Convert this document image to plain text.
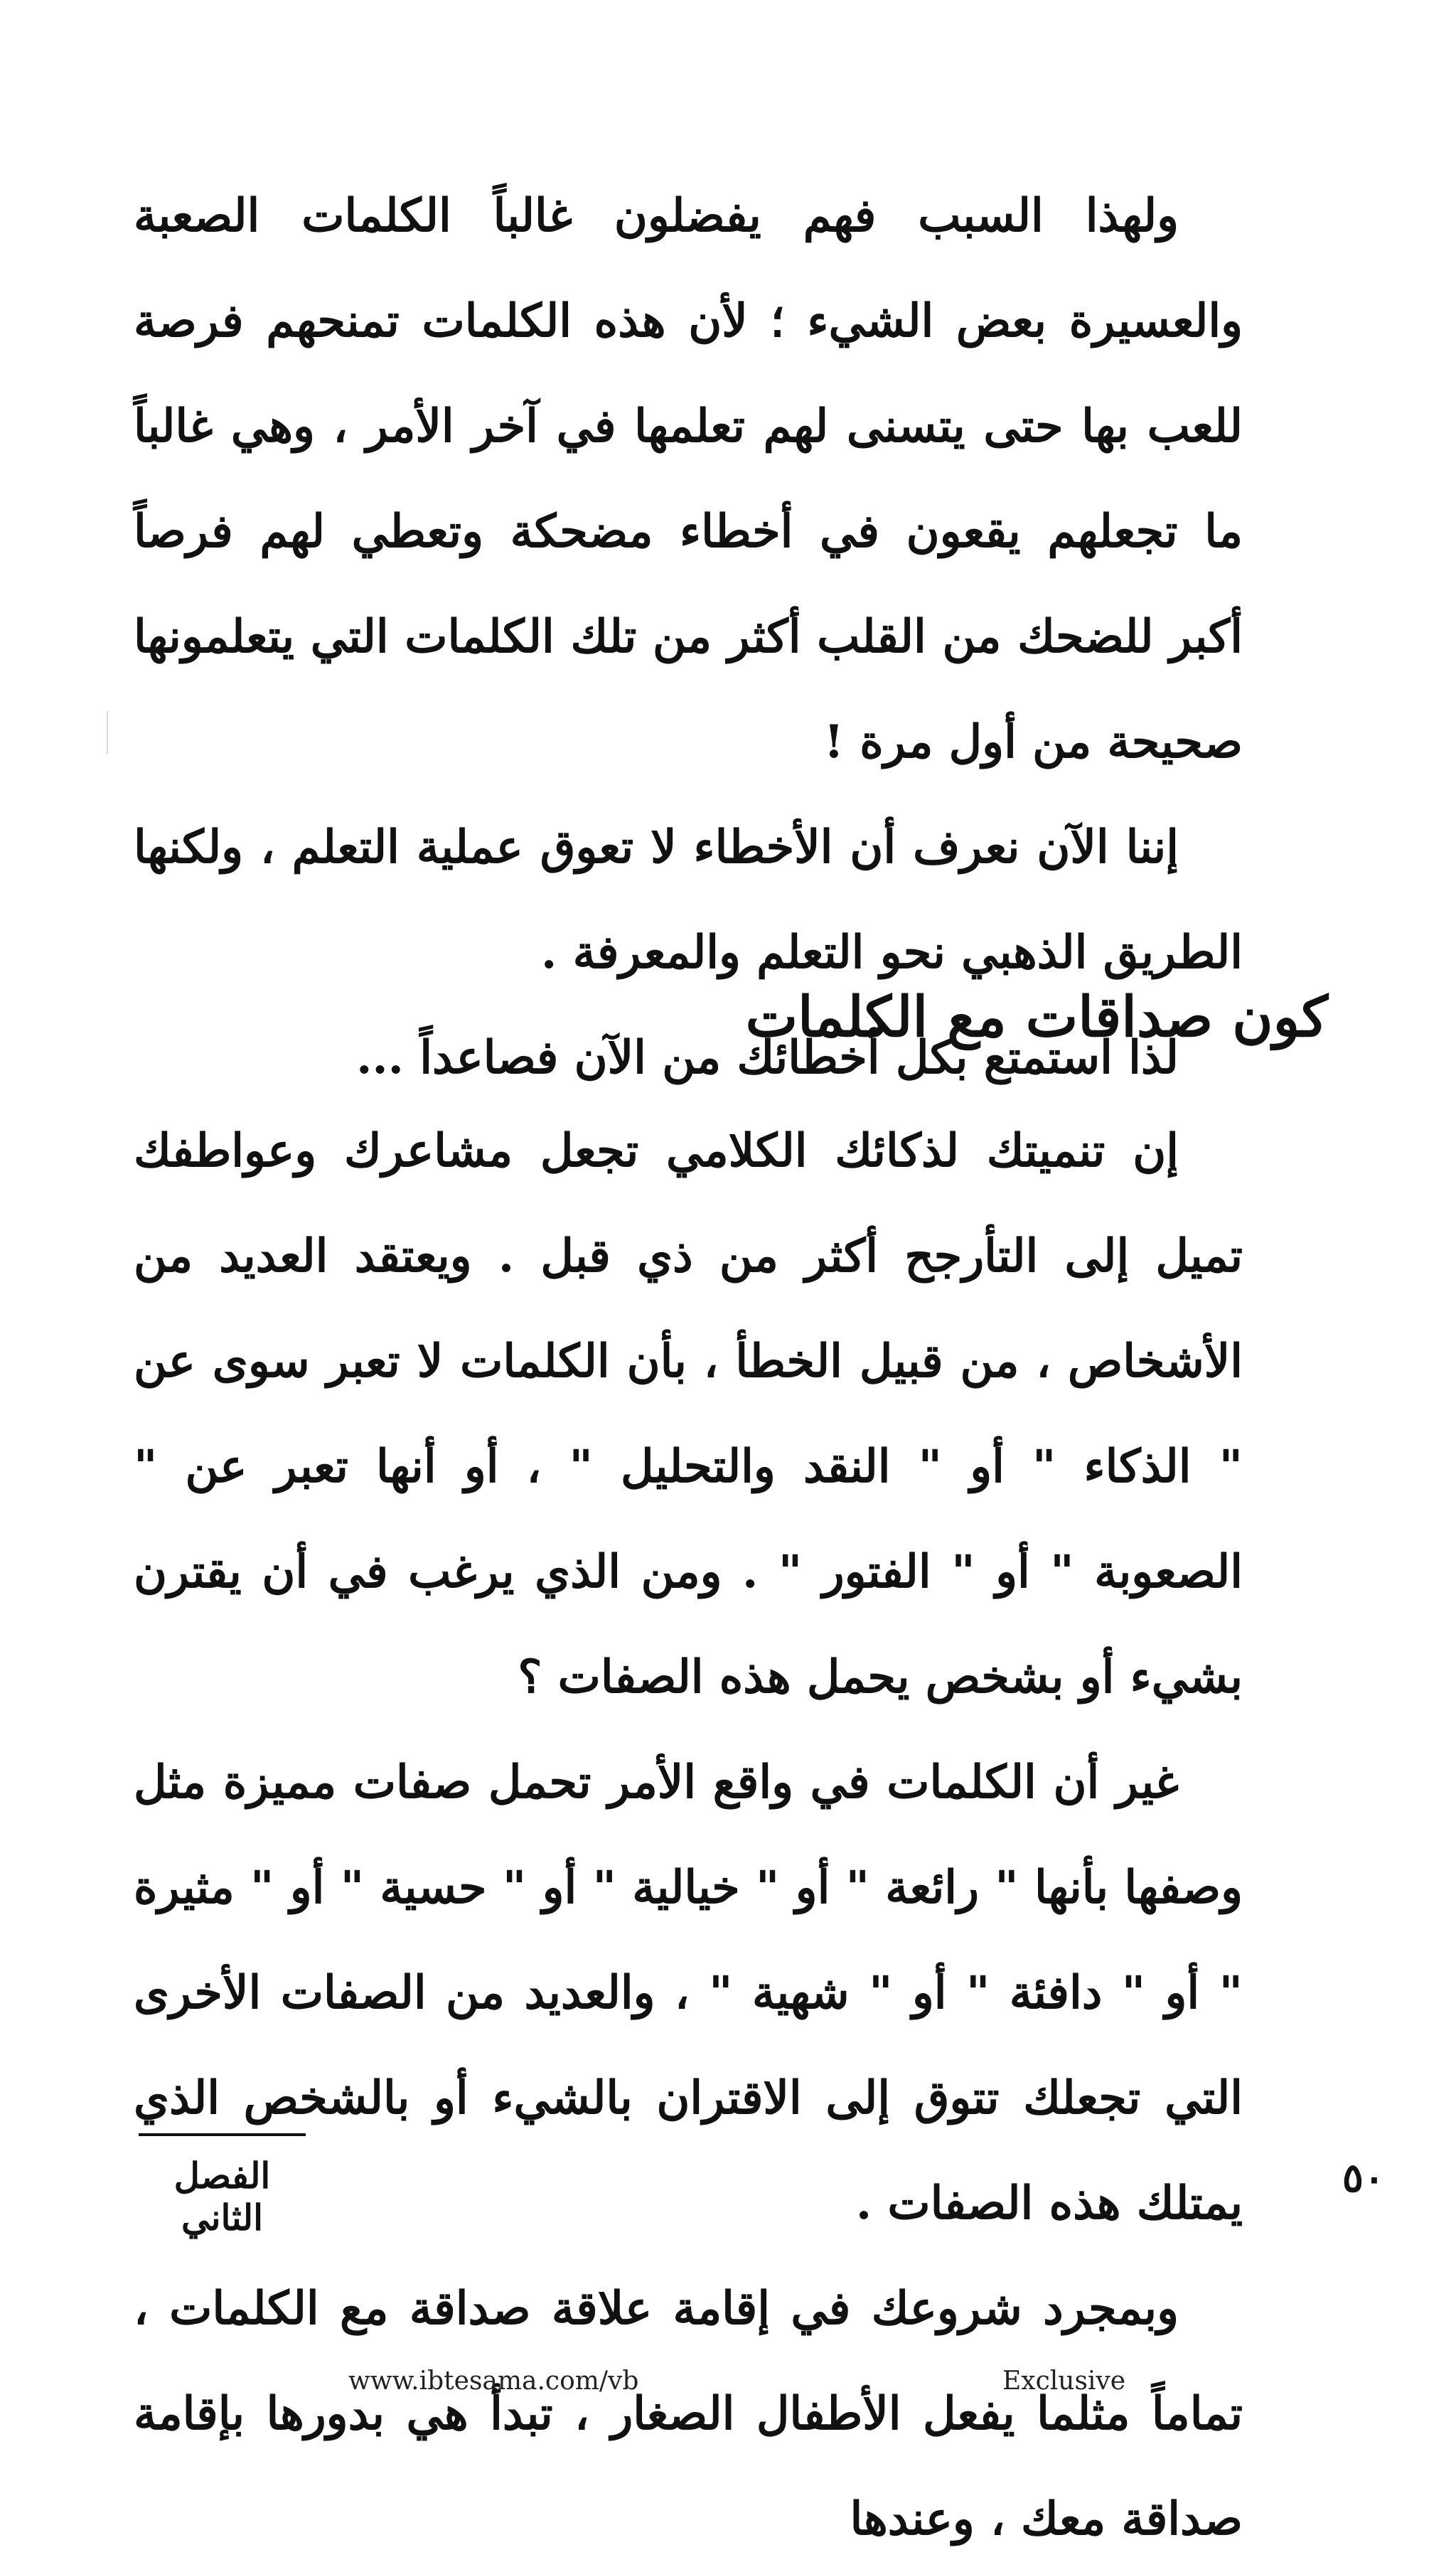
ولهذا السبب فهم يفضلون غالباً الكلمات الصعبة والعسيرة بعض الشيء ؛ لأن هذه الكلمات تمنحهم فرصة للعب بها حتى يتسنى لهم تعلمها في آخر الأمر ، وهي غالباً ما تجعلهم يقعون في أخطاء مضحكة وتعطي لهم فرصاً أكبر للضحك من القلب أكثر من تلك الكلمات التي يتعلمونها صحيحة من أول مرة !

إننا الآن نعرف أن الأخطاء لا تعوق عملية التعلم ، ولكنها الطريق الذهبي نحو التعلم والمعرفة .

لذا استمتع بكل أخطائك من الآن فصاعداً ...

كون صداقات مع الكلمات

إن تنميتك لذكائك الكلامي تجعل مشاعرك وعواطفك تميل إلى التأرجح أكثر من ذي قبل . ويعتقد العديد من الأشخاص ، من قبيل الخطأ ، بأن الكلمات لا تعبر سوى عن " الذكاء " أو " النقد والتحليل " ، أو أنها تعبر عن " الصعوبة " أو " الفتور " . ومن الذي يرغب في أن يقترن بشيء أو بشخص يحمل هذه الصفات ؟

غير أن الكلمات في واقع الأمر تحمل صفات مميزة مثل وصفها بأنها " رائعة " أو " خيالية " أو " حسية " أو " مثيرة " أو " دافئة " أو " شهية " ، والعديد من الصفات الأخرى التي تجعلك تتوق إلى الاقتران بالشيء أو بالشخص الذي يمتلك هذه الصفات .

وبمجرد شروعك في إقامة علاقة صداقة مع الكلمات ، تماماً مثلما يفعل الأطفال الصغار ، تبدأ هي بدورها بإقامة صداقة معك ، وعندها

الفصل الثاني
٥٠
www.ibtesama.com/vb	Exclusive
